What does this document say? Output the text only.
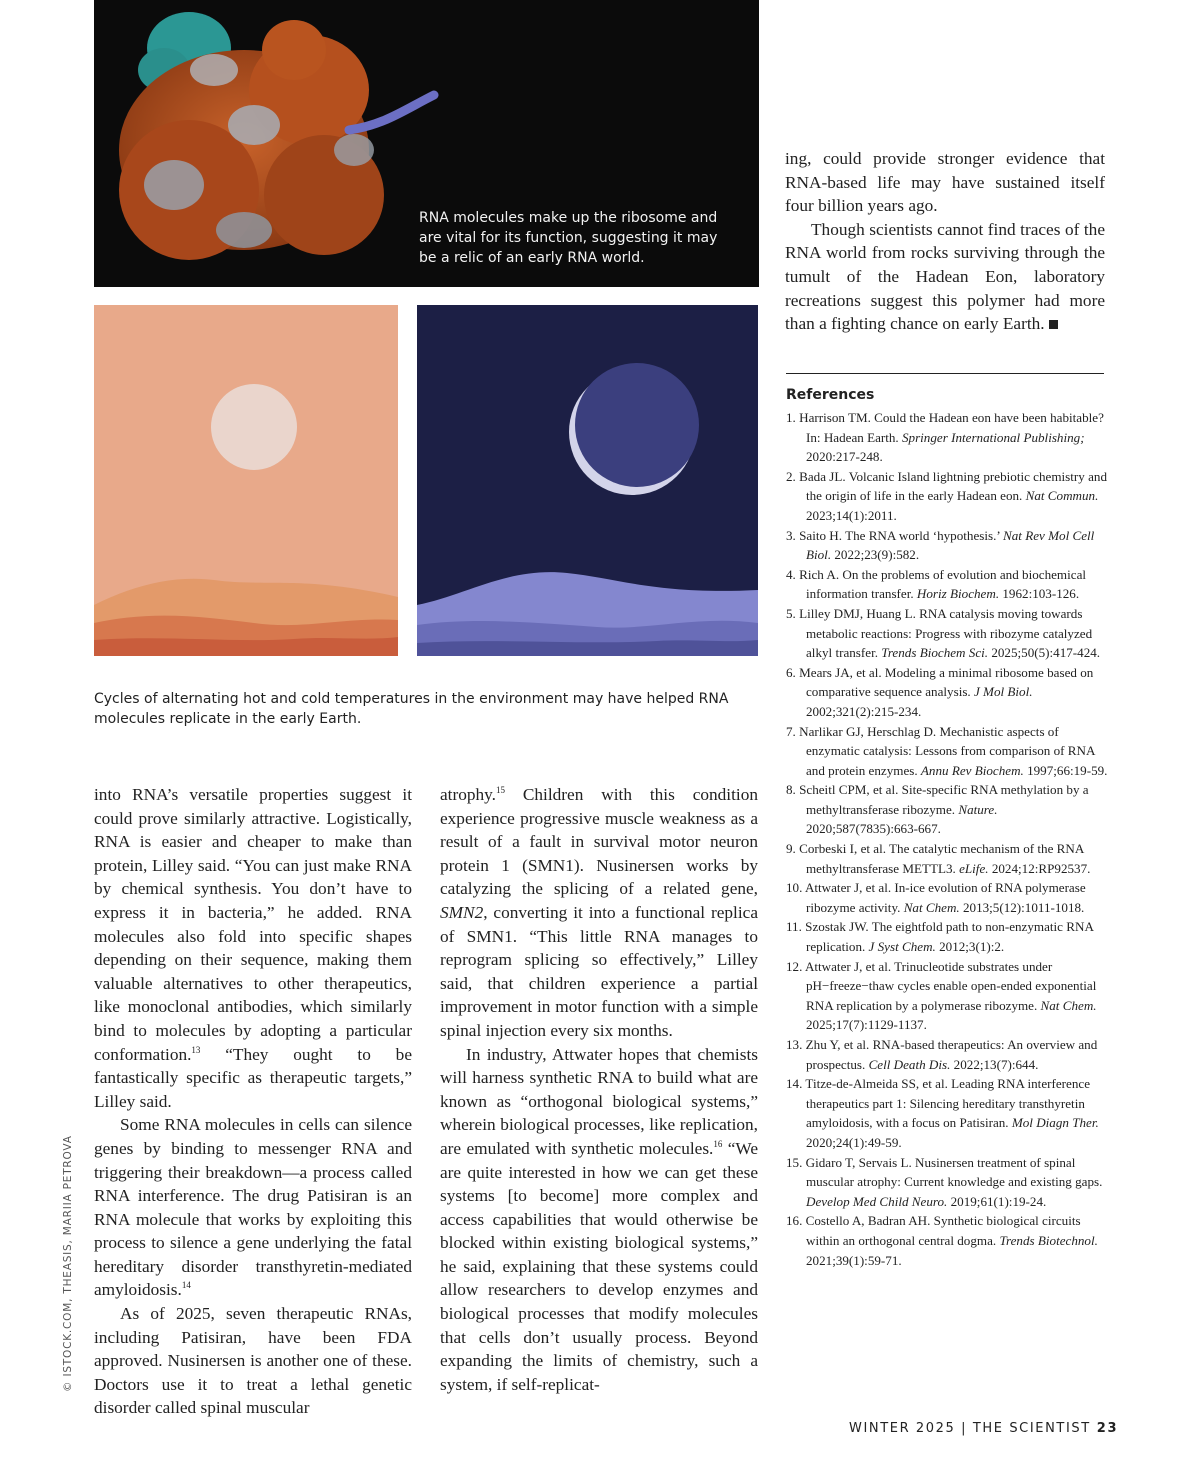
RNA molecules make up the ribosome and are vital for its function, suggesting it may be a relic of an early RNA world.
Cycles of alternating hot and cold temperatures in the environment may have helped RNA molecules replicate in the early Earth.

into RNA’s versatile properties suggest it could prove similarly attractive. Logistically, RNA is easier and cheaper to make than protein, Lilley said. “You can just make RNA by chemical synthesis. You don’t have to express it in bacteria,” he added. RNA molecules also fold into specific shapes depending on their sequence, making them valuable alternatives to other therapeutics, like monoclonal antibodies, which similarly bind to molecules by adopting a particular conformation.$^{13}$ “They ought to be fantastically specific as therapeutic targets,” Lilley said.

Some RNA molecules in cells can silence genes by binding to messenger RNA and triggering their breakdown—a process called RNA interference. The drug Patisiran is an RNA molecule that works by exploiting this process to silence a gene underlying the fatal hereditary disorder transthyretin-mediated amyloidosis.$^{14}$

As of 2025, seven therapeutic RNAs, including Patisiran, have been FDA approved. Nusinersen is another one of these. Doctors use it to treat a lethal genetic disorder called spinal muscular

atrophy.$^{15}$ Children with this condition experience progressive muscle weakness as a result of a fault in survival motor neuron protein 1 (SMN1). Nusinersen works by catalyzing the splicing of a related gene, SMN2, converting it into a functional replica of SMN1. “This little RNA manages to reprogram splicing so effectively,” Lilley said, that children experience a partial improvement in motor function with a simple spinal injection every six months.

In industry, Attwater hopes that chemists will harness synthetic RNA to build what are known as “orthogonal biological systems,” wherein biological processes, like replication, are emulated with synthetic molecules.$^{16}$ “We are quite interested in how we can get these systems [to become] more complex and access capabilities that would otherwise be blocked within existing biological systems,” he said, explaining that these systems could allow researchers to develop enzymes and biological processes that modify molecules that cells don’t usually process. Beyond expanding the limits of chemistry, such a system, if self-replicat-

ing, could provide stronger evidence that RNA-based life may have sustained itself four billion years ago.

Though scientists cannot find traces of the RNA world from rocks surviving through the tumult of the Hadean Eon, laboratory recreations suggest this polymer had more than a fighting chance on early Earth.

References
1. Harrison TM. Could the Hadean eon have been habitable? In: Hadean Earth. Springer International Publishing; 2020:217-248.
2. Bada JL. Volcanic Island lightning prebiotic chemistry and the origin of life in the early Hadean eon. Nat Commun. 2023;14(1):2011.
3. Saito H. The RNA world ‘hypothesis.’ Nat Rev Mol Cell Biol. 2022;23(9):582.
4. Rich A. On the problems of evolution and biochemical information transfer. Horiz Biochem. 1962:103-126.
5. Lilley DMJ, Huang L. RNA catalysis moving towards metabolic reactions: Progress with ribozyme catalyzed alkyl transfer. Trends Biochem Sci. 2025;50(5):417-424.
6. Mears JA, et al. Modeling a minimal ribosome based on comparative sequence analysis. J Mol Biol. 2002;321(2):215-234.
7. Narlikar GJ, Herschlag D. Mechanistic aspects of enzymatic catalysis: Lessons from comparison of RNA and protein enzymes. Annu Rev Biochem. 1997;66:19-59.
8. Scheitl CPM, et al. Site-specific RNA methylation by a methyltransferase ribozyme. Nature. 2020;587(7835):663-667.
9. Corbeski I, et al. The catalytic mechanism of the RNA methyltransferase METTL3. eLife. 2024;12:RP92537.
10. Attwater J, et al. In-ice evolution of RNA polymerase ribozyme activity. Nat Chem. 2013;5(12):1011-1018.
11. Szostak JW. The eightfold path to non-enzymatic RNA replication. J Syst Chem. 2012;3(1):2.
12. Attwater J, et al. Trinucleotide substrates under pH−freeze−thaw cycles enable open-ended exponential RNA replication by a polymerase ribozyme. Nat Chem. 2025;17(7):1129-1137.
13. Zhu Y, et al. RNA-based therapeutics: An overview and prospectus. Cell Death Dis. 2022;13(7):644.
14. Titze-de-Almeida SS, et al. Leading RNA interference therapeutics part 1: Silencing hereditary transthyretin amyloidosis, with a focus on Patisiran. Mol Diagn Ther. 2020;24(1):49-59.
15. Gidaro T, Servais L. Nusinersen treatment of spinal muscular atrophy: Current knowledge and existing gaps. Develop Med Child Neuro. 2019;61(1):19-24.
16. Costello A, Badran AH. Synthetic biological circuits within an orthogonal central dogma. Trends Biotechnol. 2021;39(1):59-71.
© ISTOCK.COM, THEASIS, MARIIA PETROVA
WINTER 2025 | THE SCIENTIST 23
